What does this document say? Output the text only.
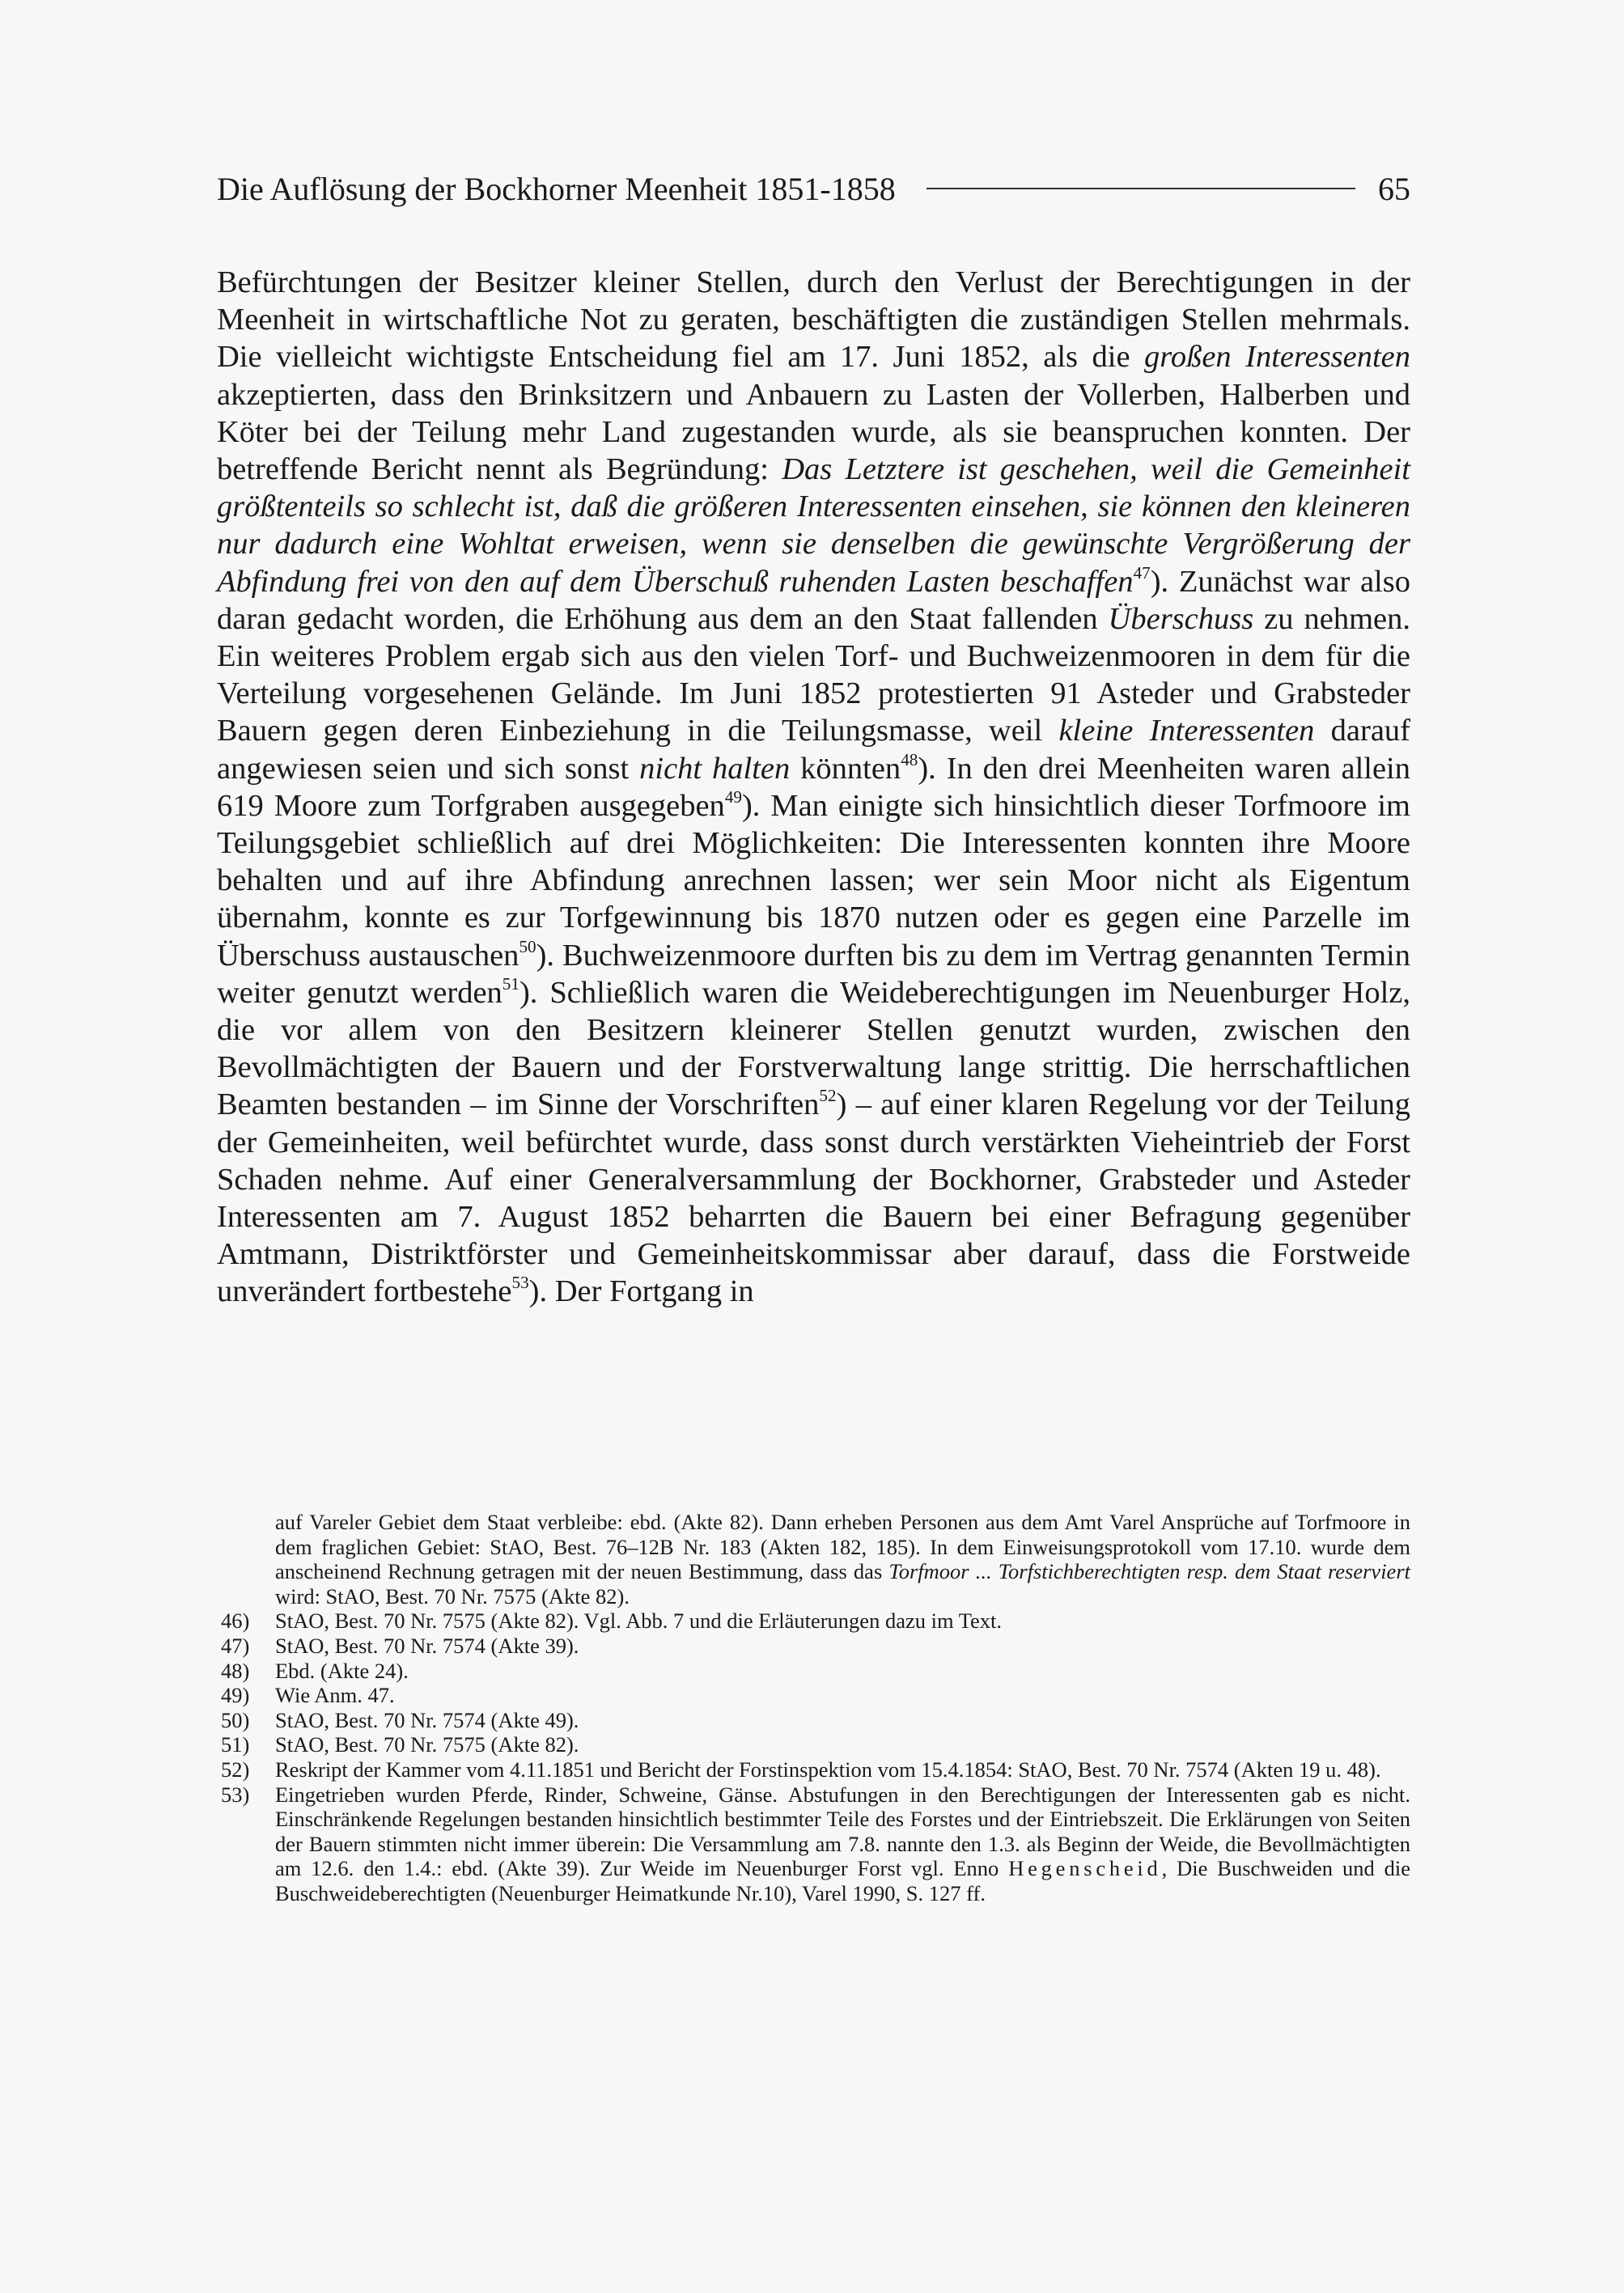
Die Auflösung der Bockhorner Meenheit 1851-1858	65

Befürchtungen der Besitzer kleiner Stellen, durch den Verlust der Berechtigungen in der Meenheit in wirtschaftliche Not zu geraten, beschäftigten die zuständigen Stellen mehrmals. Die vielleicht wichtigste Entscheidung fiel am 17. Juni 1852, als die großen Interessenten akzeptierten, dass den Brinksitzern und Anbauern zu Lasten der Vollerben, Halberben und Köter bei der Teilung mehr Land zugestanden wurde, als sie beanspruchen konnten. Der betreffende Bericht nennt als Begründung: Das Letztere ist geschehen, weil die Gemeinheit größtenteils so schlecht ist, daß die größeren Interessenten einsehen, sie können den kleineren nur dadurch eine Wohltat erweisen, wenn sie denselben die gewünschte Vergrößerung der Abfindung frei von den auf dem Überschuß ruhenden Lasten beschaffen$^{47}$). Zunächst war also daran gedacht worden, die Erhöhung aus dem an den Staat fallenden Überschuss zu nehmen. Ein weiteres Problem ergab sich aus den vielen Torf- und Buchweizenmooren in dem für die Verteilung vorgesehenen Gelände. Im Juni 1852 protestierten 91 Asteder und Grabsteder Bauern gegen deren Einbeziehung in die Teilungsmasse, weil kleine Interessenten darauf angewiesen seien und sich sonst nicht halten könnten$^{48}$). In den drei Meenheiten waren allein 619 Moore zum Torfgraben ausgegeben$^{49}$). Man einigte sich hinsichtlich dieser Torfmoore im Teilungsgebiet schließlich auf drei Möglichkeiten: Die Interessenten konnten ihre Moore behalten und auf ihre Abfindung anrechnen lassen; wer sein Moor nicht als Eigentum übernahm, konnte es zur Torfgewinnung bis 1870 nutzen oder es gegen eine Parzelle im Überschuss austauschen$^{50}$). Buchweizenmoore durften bis zu dem im Vertrag genannten Termin weiter genutzt werden$^{51}$). Schließlich waren die Weideberechtigungen im Neuenburger Holz, die vor allem von den Besitzern kleinerer Stellen genutzt wurden, zwischen den Bevollmächtigten der Bauern und der Forstverwaltung lange strittig. Die herrschaftlichen Beamten bestanden – im Sinne der Vorschriften$^{52}$) – auf einer klaren Regelung vor der Teilung der Gemeinheiten, weil befürchtet wurde, dass sonst durch verstärkten Vieheintrieb der Forst Schaden nehme. Auf einer Generalversammlung der Bockhorner, Grabsteder und Asteder Interessenten am 7. August 1852 beharrten die Bauern bei einer Befragung gegenüber Amtmann, Distriktförster und Gemeinheitskommissar aber darauf, dass die Forstweide unverändert fortbestehe$^{53}$). Der Fortgang in

auf Vareler Gebiet dem Staat verbleibe: ebd. (Akte 82). Dann erheben Personen aus dem Amt Varel Ansprüche auf Torfmoore in dem fraglichen Gebiet: StAO, Best. 76–12B Nr. 183 (Akten 182, 185). In dem Einweisungsprotokoll vom 17.10. wurde dem anscheinend Rechnung getragen mit der neuen Bestimmung, dass das Torfmoor ... Torfstichberechtigten resp. dem Staat reserviert wird: StAO, Best. 70 Nr. 7575 (Akte 82).
46)	StAO, Best. 70 Nr. 7575 (Akte 82). Vgl. Abb. 7 und die Erläuterungen dazu im Text.
47)	StAO, Best. 70 Nr. 7574 (Akte 39).
48)	Ebd. (Akte 24).
49)	Wie Anm. 47.
50)	StAO, Best. 70 Nr. 7574 (Akte 49).
51)	StAO, Best. 70 Nr. 7575 (Akte 82).
52)	Reskript der Kammer vom 4.11.1851 und Bericht der Forstinspektion vom 15.4.1854: StAO, Best. 70 Nr. 7574 (Akten 19 u. 48).
53)	Eingetrieben wurden Pferde, Rinder, Schweine, Gänse. Abstufungen in den Berechtigungen der Interessenten gab es nicht. Einschränkende Regelungen bestanden hinsichtlich bestimmter Teile des Forstes und der Eintriebszeit. Die Erklärungen von Seiten der Bauern stimmten nicht immer überein: Die Versammlung am 7.8. nannte den 1.3. als Beginn der Weide, die Bevollmächtigten am 12.6. den 1.4.: ebd. (Akte 39). Zur Weide im Neuenburger Forst vgl. Enno Hegenscheid, Die Buschweiden und die Buschweideberechtigten (Neuenburger Heimatkunde Nr.10), Varel 1990, S. 127 ff.
